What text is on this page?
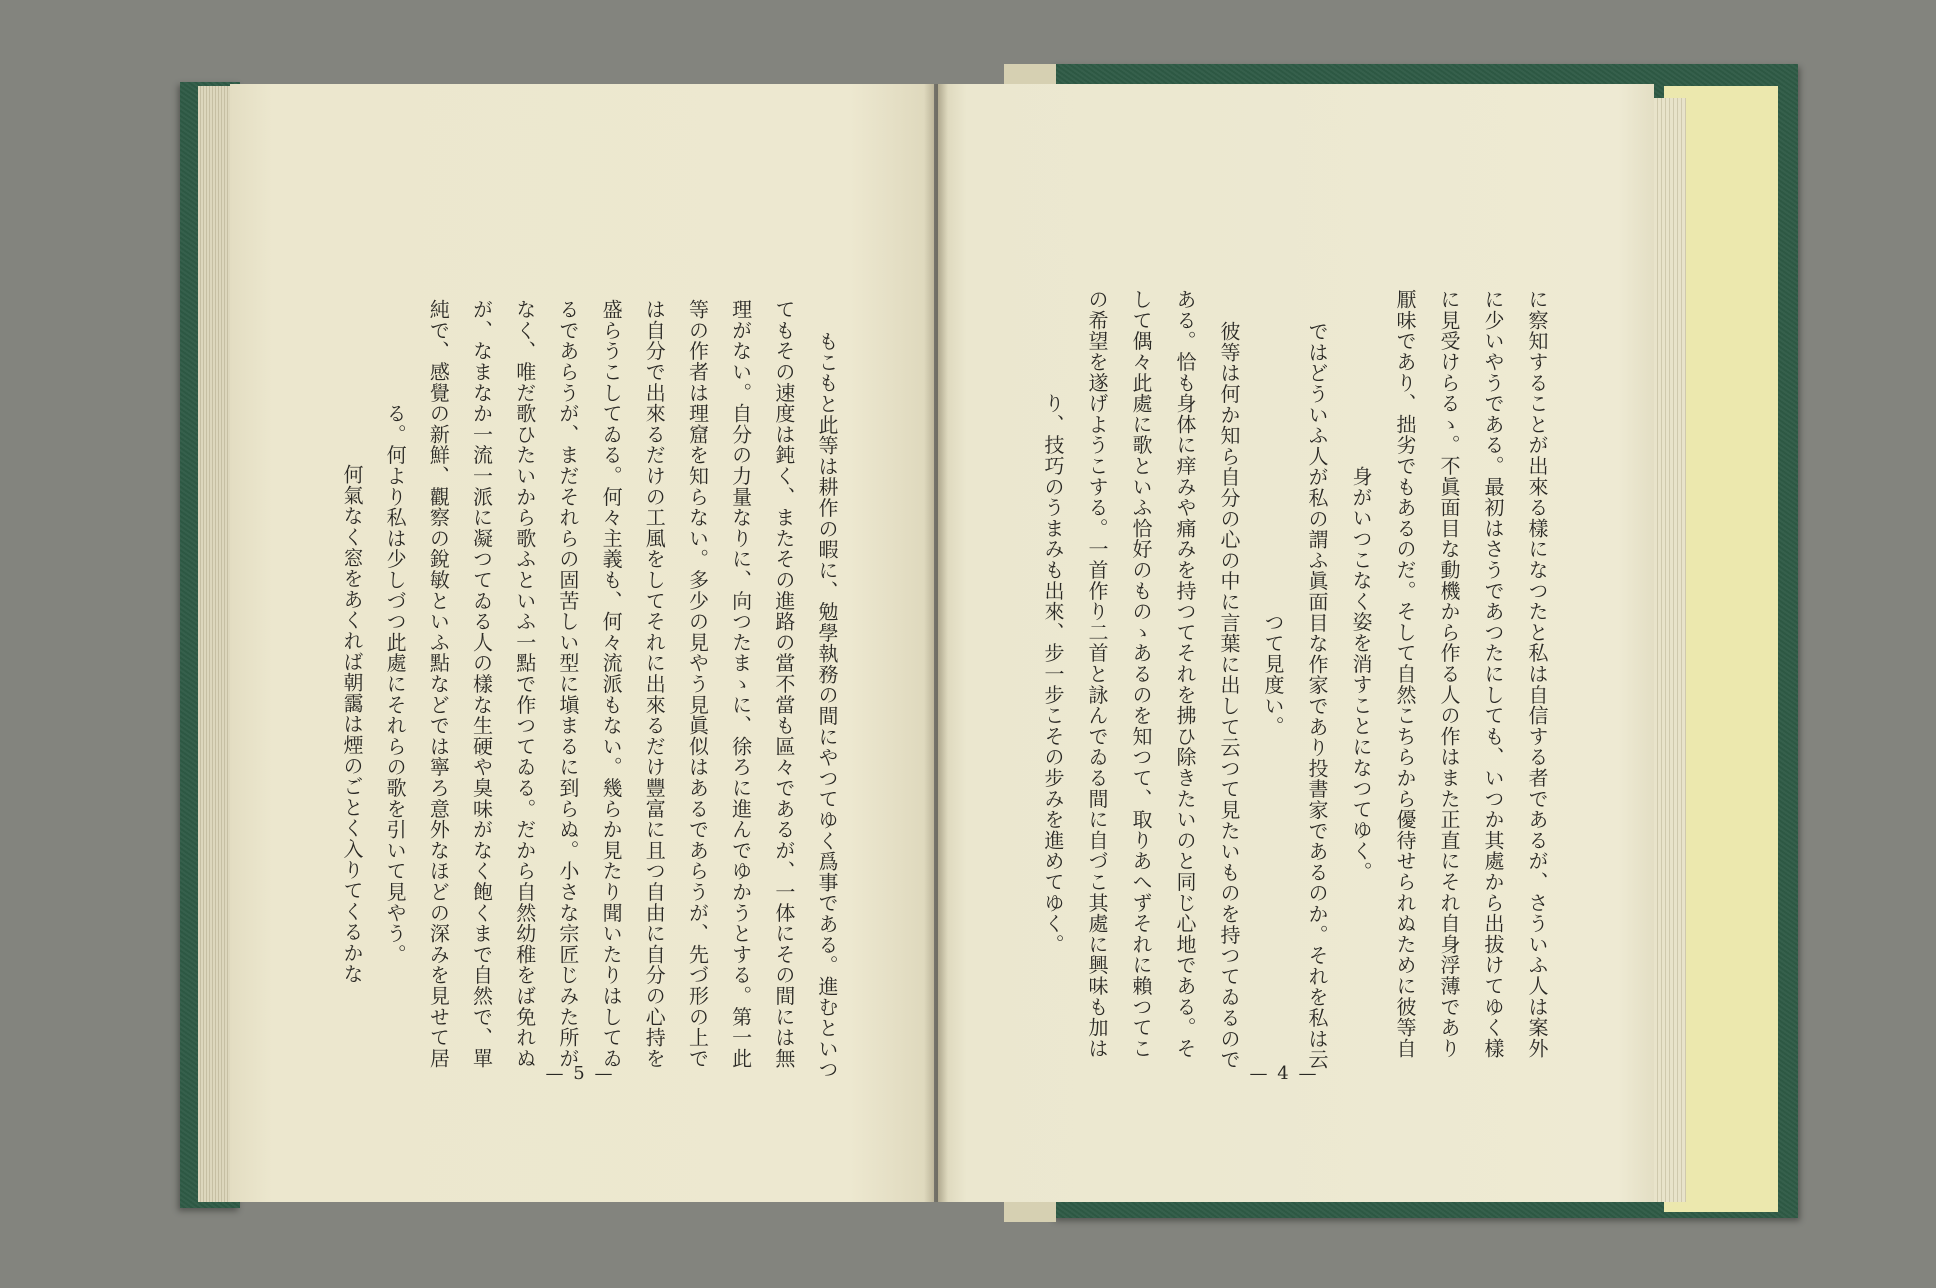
に察知することが出來る樣になつたと私は自信する者であるが、さういふ人は案外
に少いやうである。最初はさうであつたにしても、いつか其處から出拔けてゆく樣
に見受けらるゝ。不眞面目な動機から作る人の作はまた正直にそれ自身浮薄であり
厭味であり、拙劣でもあるのだ。そして自然こちらから優待せられぬために彼等自
身がいつこなく姿を消すことになつてゆく。
ではどういふ人が私の謂ふ眞面目な作家であり投書家であるのか。それを私は云
つて見度い。
彼等は何か知ら自分の心の中に言葉に出して云つて見たいものを持つてゐるので
ある。恰も身体に痒みや痛みを持つてそれを拂ひ除きたいのと同じ心地である。そ
して偶々此處に歌といふ恰好のものゝあるのを知つて、取りあへずそれに賴つてこ
の希望を遂げようこする。一首作り二首と詠んでゐる間に自づこ其處に興味も加は
り、技巧のうまみも出來、步一步こその步みを進めてゆく。
— 4 —
もこもと此等は耕作の暇に、勉學執務の間にやつてゆく爲事である。進むといつ
てもその速度は鈍く、またその進路の當不當も區々であるが、一体にその間には無
理がない。自分の力量なりに、向つたまゝに、徐ろに進んでゆかうとする。第一此
等の作者は理窟を知らない。多少の見やう見眞似はあるであらうが、先づ形の上で
は自分で出來るだけの工風をしてそれに出來るだけ豐富に且つ自由に自分の心持を
盛らうこしてゐる。何々主義も、何々流派もない。幾らか見たり聞いたりはしてゐ
るであらうが、まだそれらの固苦しい型に塡まるに到らぬ。小さな宗匠じみた所が
なく、唯だ歌ひたいから歌ふといふ一點で作つてゐる。だから自然幼稚をば免れぬ
が、なまなか一流一派に凝つてゐる人の樣な生硬や臭味がなく飽くまで自然で、單
純で、感覺の新鮮、觀察の銳敏といふ點などでは寧ろ意外なほどの深みを見せて居
る。何より私は少しづつ此處にそれらの歌を引いて見やう。
何氣なく窓をあくれば朝靄は煙のごとく入りてくるかな
— 5 —
